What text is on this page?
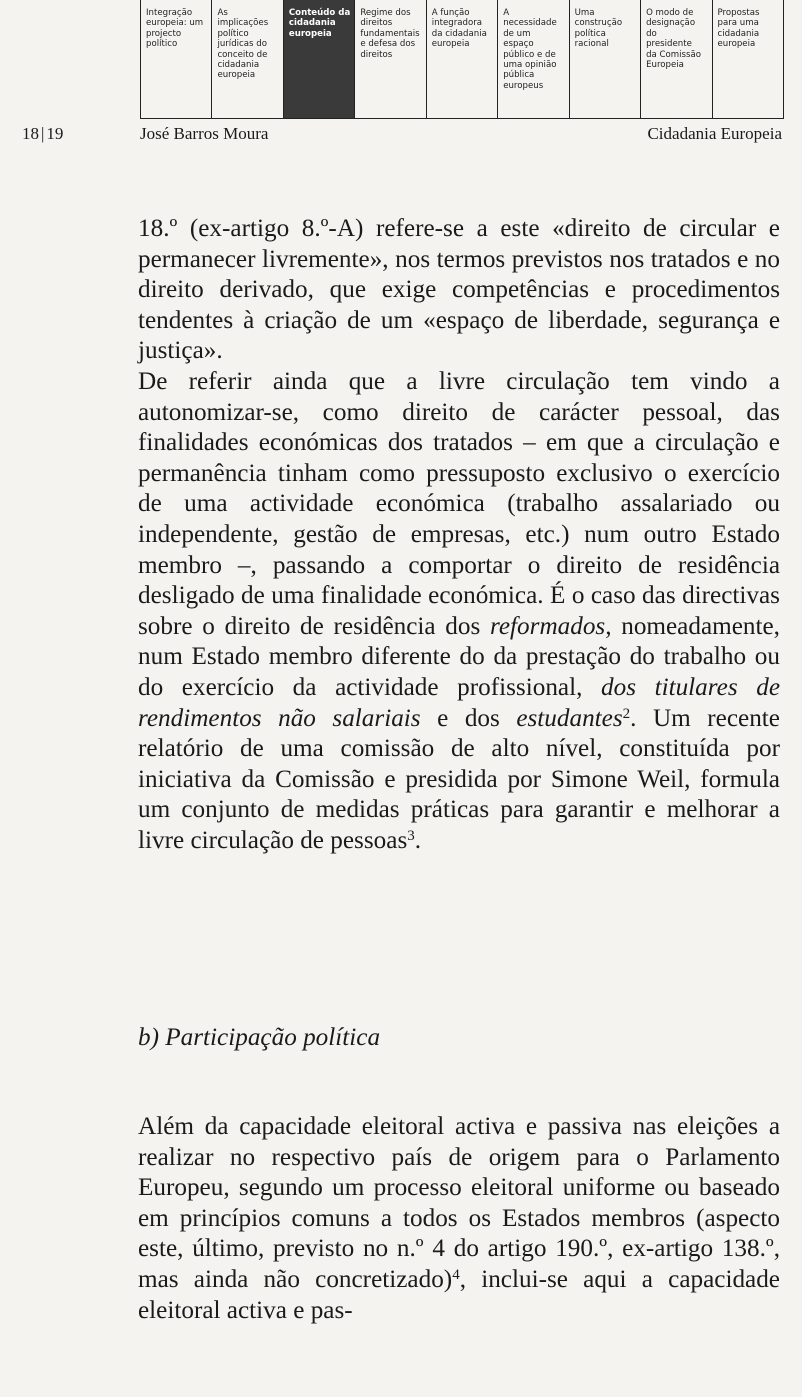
Integração
europeia: um
projecto
político
As
implicações
político
jurídicas do
conceito de
cidadania
europeia
Conteúdo da
cidadania
europeia
Regime dos
direitos
fundamentais
e defesa dos
direitos
A função
integradora
da cidadania
europeia
A
necessidade
de um
espaço
público e de
uma opinião
pública
europeus
Uma
construção
política
racional
O modo de
designação
do
presidente
da Comissão
Europeia
Propostas
para uma
cidadania
europeia
18 | 19	José Barros Moura	Cidadania Europeia

18.º (ex-artigo 8.º-A) refere-se a este «direito de circular e permanecer livremente», nos termos previstos nos tratados e no direito derivado, que exige competências e procedimentos tendentes à criação de um «espaço de liberdade, segurança e justiça».

De referir ainda que a livre circulação tem vindo a autonomizar-se, como direito de carácter pessoal, das finalidades económicas dos tratados – em que a circulação e permanência tinham como pressuposto exclusivo o exercício de uma actividade económica (trabalho assalariado ou independente, gestão de empresas, etc.) num outro Estado membro –, passando a comportar o direito de residência desligado de uma finalidade económica. É o caso das directivas sobre o direito de residência dos reformados, nomeadamente, num Estado membro diferente do da prestação do trabalho ou do exercício da actividade profissional, dos titulares de rendimentos não salariais e dos estudantes$^2$. Um recente relatório de uma comissão de alto nível, constituída por iniciativa da Comissão e presidida por Simone Weil, formula um conjunto de medidas práticas para garantir e melhorar a livre circulação de pessoas$^3$.

b) Participação política

Além da capacidade eleitoral activa e passiva nas eleições a realizar no respectivo país de origem para o Parlamento Europeu, segundo um processo eleitoral uniforme ou baseado em princípios comuns a todos os Estados membros (aspecto este, último, previsto no n.º 4 do artigo 190.º, ex-artigo 138.º, mas ainda não concretizado)$^4$, inclui-se aqui a capacidade eleitoral activa e pas-
